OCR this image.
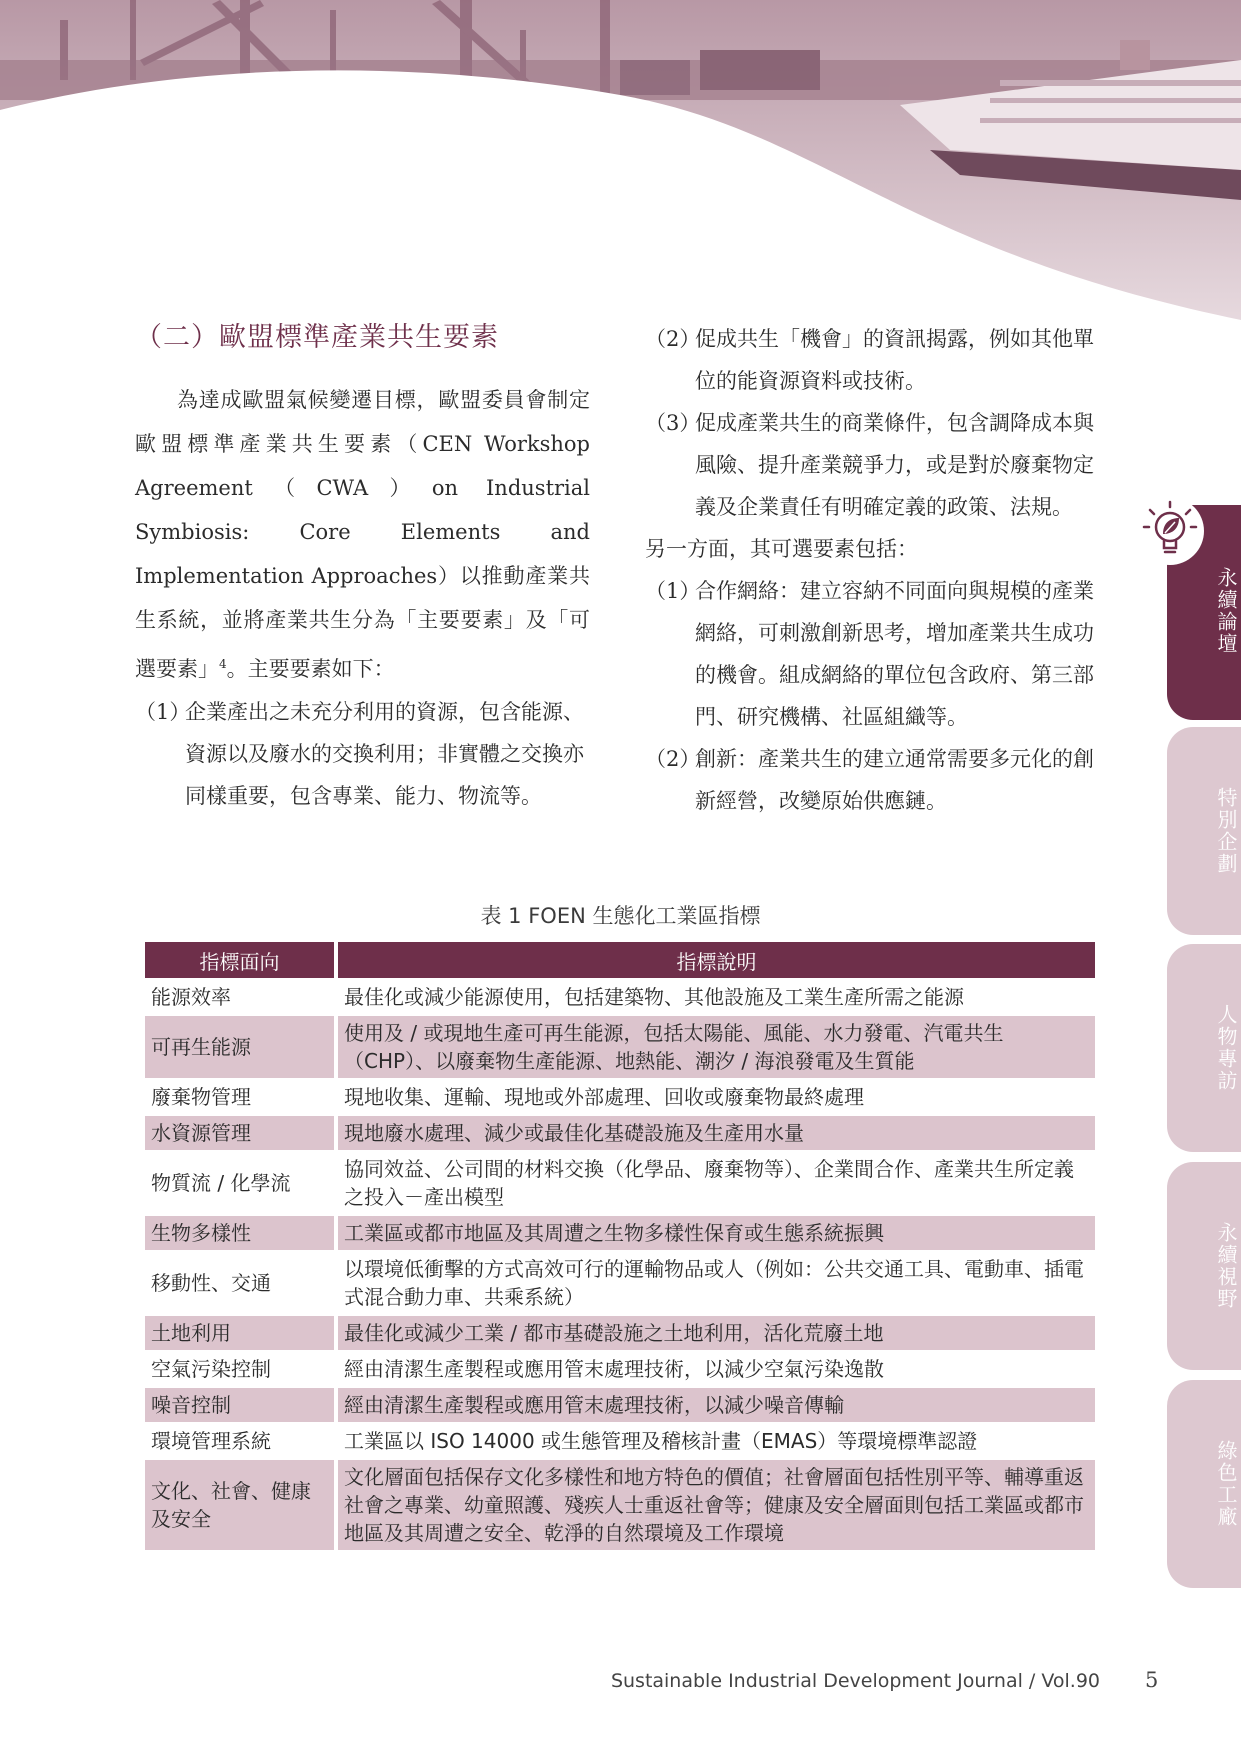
（二）歐盟標準產業共生要素

為達成歐盟氣候變遷目標，歐盟委員會制定歐盟標準產業共生要素（CEN Workshop Agreement（CWA）on Industrial Symbiosis: Core Elements and Implementation Approaches）以推動產業共生系統，並將產業共生分為「主要要素」及「可選要素」$^4$。主要要素如下：

（1）
企業產出之未充分利用的資源，包含能源、資源以及廢水的交換利用；非實體之交換亦同樣重要，包含專業、能力、物流等。
（2）
促成共生「機會」的資訊揭露，例如其他單位的能資源資料或技術。
（3）
促成產業共生的商業條件，包含調降成本與風險、提升產業競爭力，或是對於廢棄物定義及企業責任有明確定義的政策、法規。

另一方面，其可選要素包括：

（1）
合作網絡：建立容納不同面向與規模的產業網絡，可刺激創新思考，增加產業共生成功的機會。組成網絡的單位包含政府、第三部門、研究機構、社區組織等。
（2）
創新：產業共生的建立通常需要多元化的創新經營，改變原始供應鏈。
表 1 FOEN 生態化工業區指標
指標面向	指標說明
能源效率	最佳化或減少能源使用，包括建築物、其他設施及工業生產所需之能源
可再生能源	使用及 / 或現地生產可再生能源，包括太陽能、風能、水力發電、汽電共生（CHP）、以廢棄物生產能源、地熱能、潮汐 / 海浪發電及生質能
廢棄物管理	現地收集、運輸、現地或外部處理、回收或廢棄物最終處理
水資源管理	現地廢水處理、減少或最佳化基礎設施及生產用水量
物質流 / 化學流	協同效益、公司間的材料交換（化學品、廢棄物等）、企業間合作、產業共生所定義之投入－產出模型
生物多樣性	工業區或都市地區及其周遭之生物多樣性保育或生態系統振興
移動性、交通	以環境低衝擊的方式高效可行的運輸物品或人（例如：公共交通工具、電動車、插電式混合動力車、共乘系統）
土地利用	最佳化或減少工業 / 都市基礎設施之土地利用，活化荒廢土地
空氣污染控制	經由清潔生產製程或應用管末處理技術，以減少空氣污染逸散
噪音控制	經由清潔生產製程或應用管末處理技術，以減少噪音傳輸
環境管理系統	工業區以 ISO 14000 或生態管理及稽核計畫（EMAS）等環境標準認證
文化、社會、健康及安全	文化層面包括保存文化多樣性和地方特色的價值；社會層面包括性別平等、輔導重返社會之專業、幼童照護、殘疾人士重返社會等；健康及安全層面則包括工業區或都市地區及其周遭之安全、乾淨的自然環境及工作環境
永續論壇
特別企劃
人物專訪
永續視野
綠色工廠
Sustainable Industrial Development Journal / Vol.90 5
